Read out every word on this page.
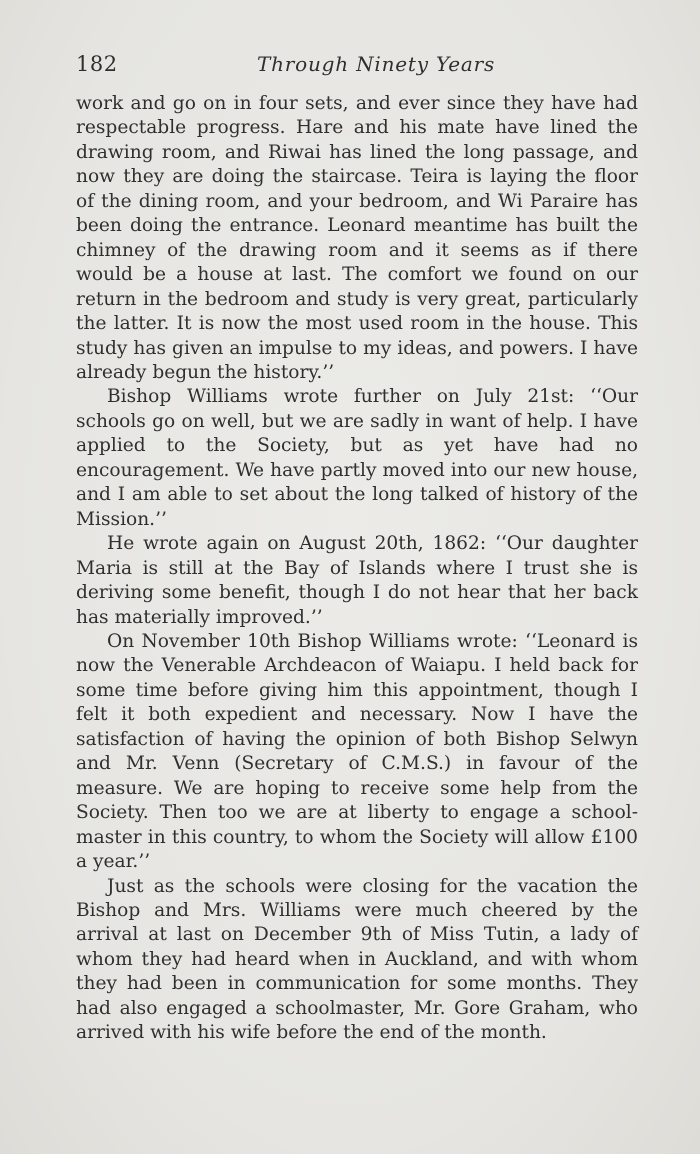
182	Through Ninety Years

work and go on in four sets, and ever since they have had respectable progress. Hare and his mate have lined the drawing room, and Riwai has lined the long passage, and now they are doing the staircase. Teira is laying the floor of the dining room, and your bedroom, and Wi Paraire has been doing the entrance. Leonard meantime has built the chimney of the drawing room and it seems as if there would be a house at last. The comfort we found on our return in the bedroom and study is very great, particularly the latter. It is now the most used room in the house. This study has given an impulse to my ideas, and powers. I have already begun the history.’’

Bishop Williams wrote further on July 21st: ‘‘Our schools go on well, but we are sadly in want of help. I have applied to the Society, but as yet have had no encouragement. We have partly moved into our new house, and I am able to set about the long talked of history of the Mission.’’

He wrote again on August 20th, 1862: ‘‘Our daughter Maria is still at the Bay of Islands where I trust she is deriving some benefit, though I do not hear that her back has materially improved.’’

On November 10th Bishop Williams wrote: ‘‘Leonard is now the Venerable Archdeacon of Waiapu. I held back for some time before giving him this appointment, though I felt it both expedient and necessary. Now I have the satisfaction of having the opinion of both Bishop Selwyn and Mr. Venn (Secretary of C.M.S.) in favour of the measure. We are hoping to receive some help from the Society. Then too we are at liberty to engage a school-master in this country, to whom the Society will allow £100 a year.’’

Just as the schools were closing for the vacation the Bishop and Mrs. Williams were much cheered by the arrival at last on December 9th of Miss Tutin, a lady of whom they had heard when in Auckland, and with whom they had been in communication for some months. They had also engaged a schoolmaster, Mr. Gore Graham, who arrived with his wife before the end of the month.
